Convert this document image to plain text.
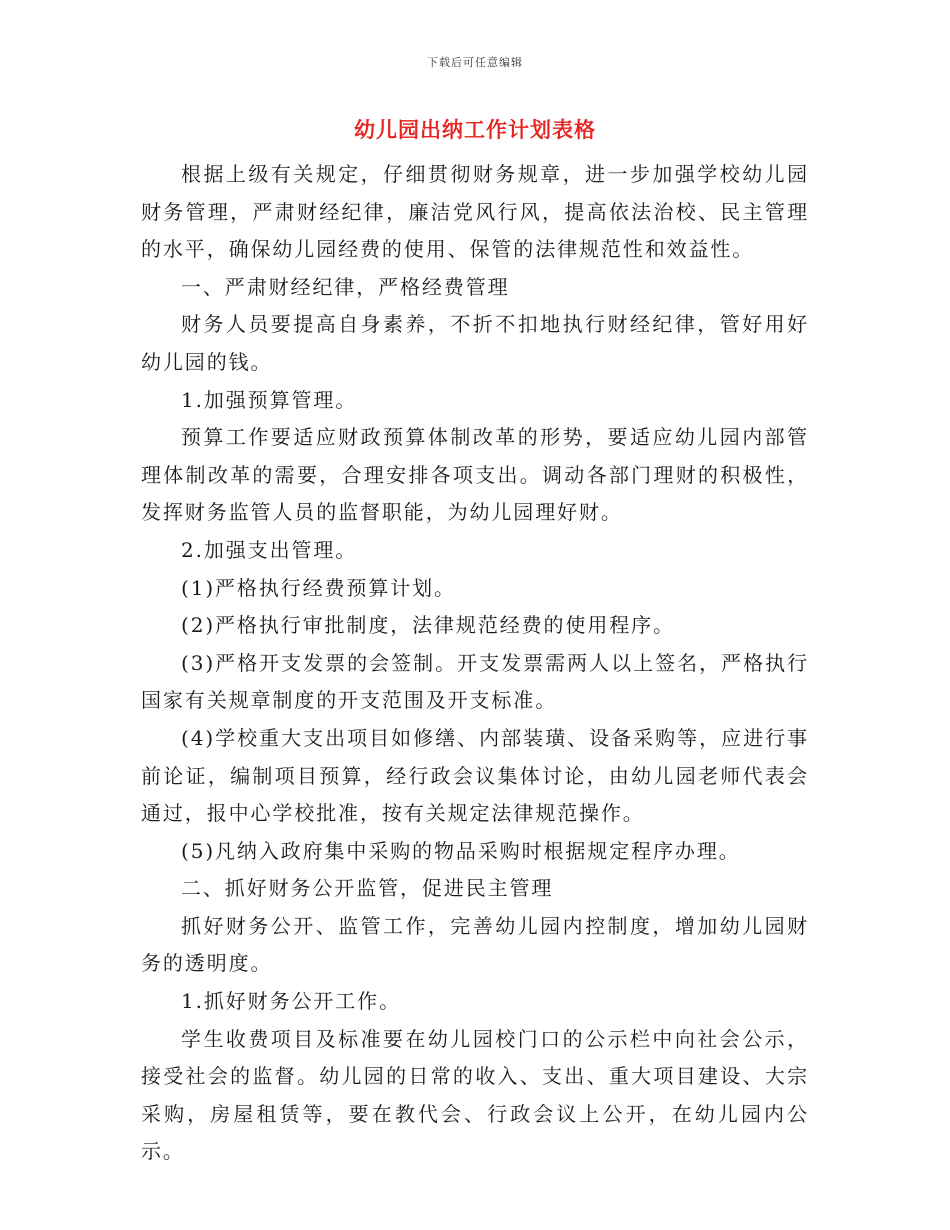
下载后可任意编辑
幼儿园出纳工作计划表格

根据上级有关规定，仔细贯彻财务规章，进一步加强学校幼儿园财务管理，严肃财经纪律，廉洁党风行风，提高依法治校、民主管理的水平，确保幼儿园经费的使用、保管的法律规范性和效益性。

一、严肃财经纪律，严格经费管理

财务人员要提高自身素养，不折不扣地执行财经纪律，管好用好幼儿园的钱。

1.加强预算管理。

预算工作要适应财政预算体制改革的形势，要适应幼儿园内部管理体制改革的需要，合理安排各项支出。调动各部门理财的积极性，发挥财务监管人员的监督职能，为幼儿园理好财。

2.加强支出管理。

(1)严格执行经费预算计划。

(2)严格执行审批制度，法律规范经费的使用程序。

(3)严格开支发票的会签制。开支发票需两人以上签名，严格执行国家有关规章制度的开支范围及开支标准。

(4)学校重大支出项目如修缮、内部装璜、设备采购等，应进行事前论证，编制项目预算，经行政会议集体讨论，由幼儿园老师代表会通过，报中心学校批准，按有关规定法律规范操作。

(5)凡纳入政府集中采购的物品采购时根据规定程序办理。

二、抓好财务公开监管，促进民主管理

抓好财务公开、监管工作，完善幼儿园内控制度，增加幼儿园财务的透明度。

1.抓好财务公开工作。

学生收费项目及标准要在幼儿园校门口的公示栏中向社会公示，接受社会的监督。幼儿园的日常的收入、支出、重大项目建设、大宗采购，房屋租赁等，要在教代会、行政会议上公开，在幼儿园内公示。
